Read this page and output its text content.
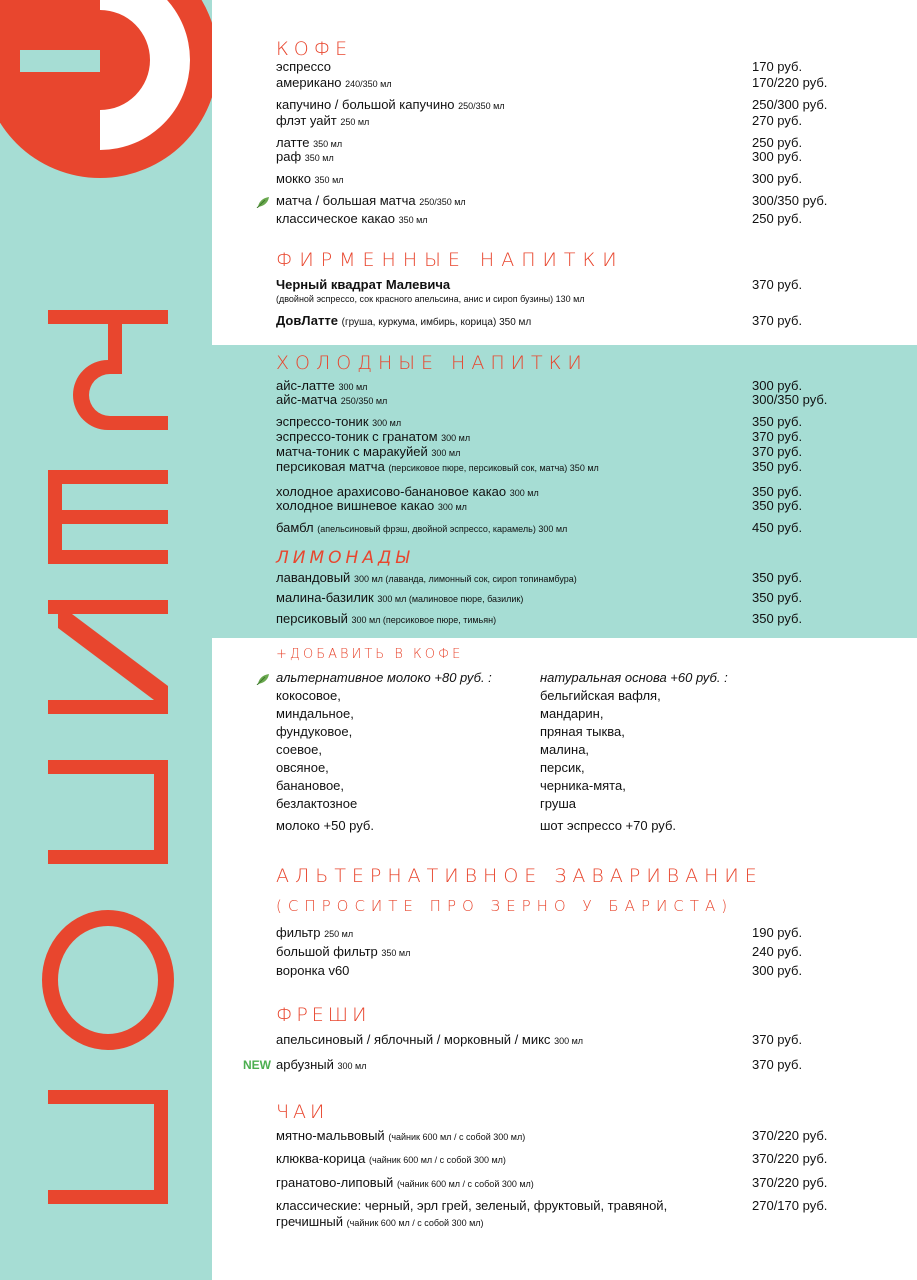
КОФЕ
эспрессо	170 руб.
американо 240/350 мл	170/220 руб.
капучино / большой капучино 250/350 мл	250/300 руб.
флэт уайт 250 мл	270 руб.
латте 350 мл	250 руб.
раф 350 мл	300 руб.
мокко 350 мл	300 руб.
матча / большая матча 250/350 мл	300/350 руб.
классическое какао 350 мл	250 руб.
ФИРМЕННЫЕ НАПИТКИ
Черный квадрат Малевича	370 руб.
(двойной эспрессо, сок красного апельсина, анис и сироп бузины) 130 мл
ДовЛатте (груша, куркума, имбирь, корица) 350 мл	370 руб.
ХОЛОДНЫЕ НАПИТКИ
айс-латте 300 мл	300 руб.
айс-матча 250/350 мл	300/350 руб.
эспрессо-тоник 300 мл	350 руб.
эспрессо-тоник с гранатом 300 мл	370 руб.
матча-тоник с маракуйей 300 мл	370 руб.
персиковая матча (персиковое пюре, персиковый сок, матча) 350 мл	350 руб.
холодное арахисово-банановое какао 300 мл	350 руб.
холодное вишневое какао 300 мл	350 руб.
бамбл (апельсиновый фрэш, двойной эспрессо, карамель) 300 мл	450 руб.
ЛИМОНАДЫ
лавандовый 300 мл (лаванда, лимонный сок, сироп топинамбура)	350 руб.
малина-базилик 300 мл (малиновое пюре, базилик)	350 руб.
персиковый 300 мл (персиковое пюре, тимьян)	350 руб.
+ДОБАВИТЬ В КОФЕ
альтернативное молоко +80 руб. :	натуральная основа +60 руб. :
кокосовое,
миндальное,
фундуковое,
соевое,
овсяное,
банановое,
безлактозное
бельгийская вафля,
мандарин,
пряная тыква,
малина,
персик,
черника-мята,
груша
молоко +50 руб.	шот эспрессо +70 руб.
АЛЬТЕРНАТИВНОЕ ЗАВАРИВАНИЕ
(СПРОСИТЕ ПРО ЗЕРНО У БАРИСТА)
фильтр 250 мл	190 руб.
большой фильтр 350 мл	240 руб.
воронка v60	300 руб.
ФРЕШИ
апельсиновый / яблочный / морковный / микс 300 мл	370 руб.
NEW арбузный 300 мл	370 руб.
ЧАИ
мятно-мальвовый (чайник 600 мл / с собой 300 мл)	370/220 руб.
клюква-корица (чайник 600 мл / с собой 300 мл)	370/220 руб.
гранатово-липовый (чайник 600 мл / с собой 300 мл)	370/220 руб.
классические: черный, эрл грей, зеленый, фруктовый, травяной,	270/170 руб.
гречишный (чайник 600 мл / с собой 300 мл)
